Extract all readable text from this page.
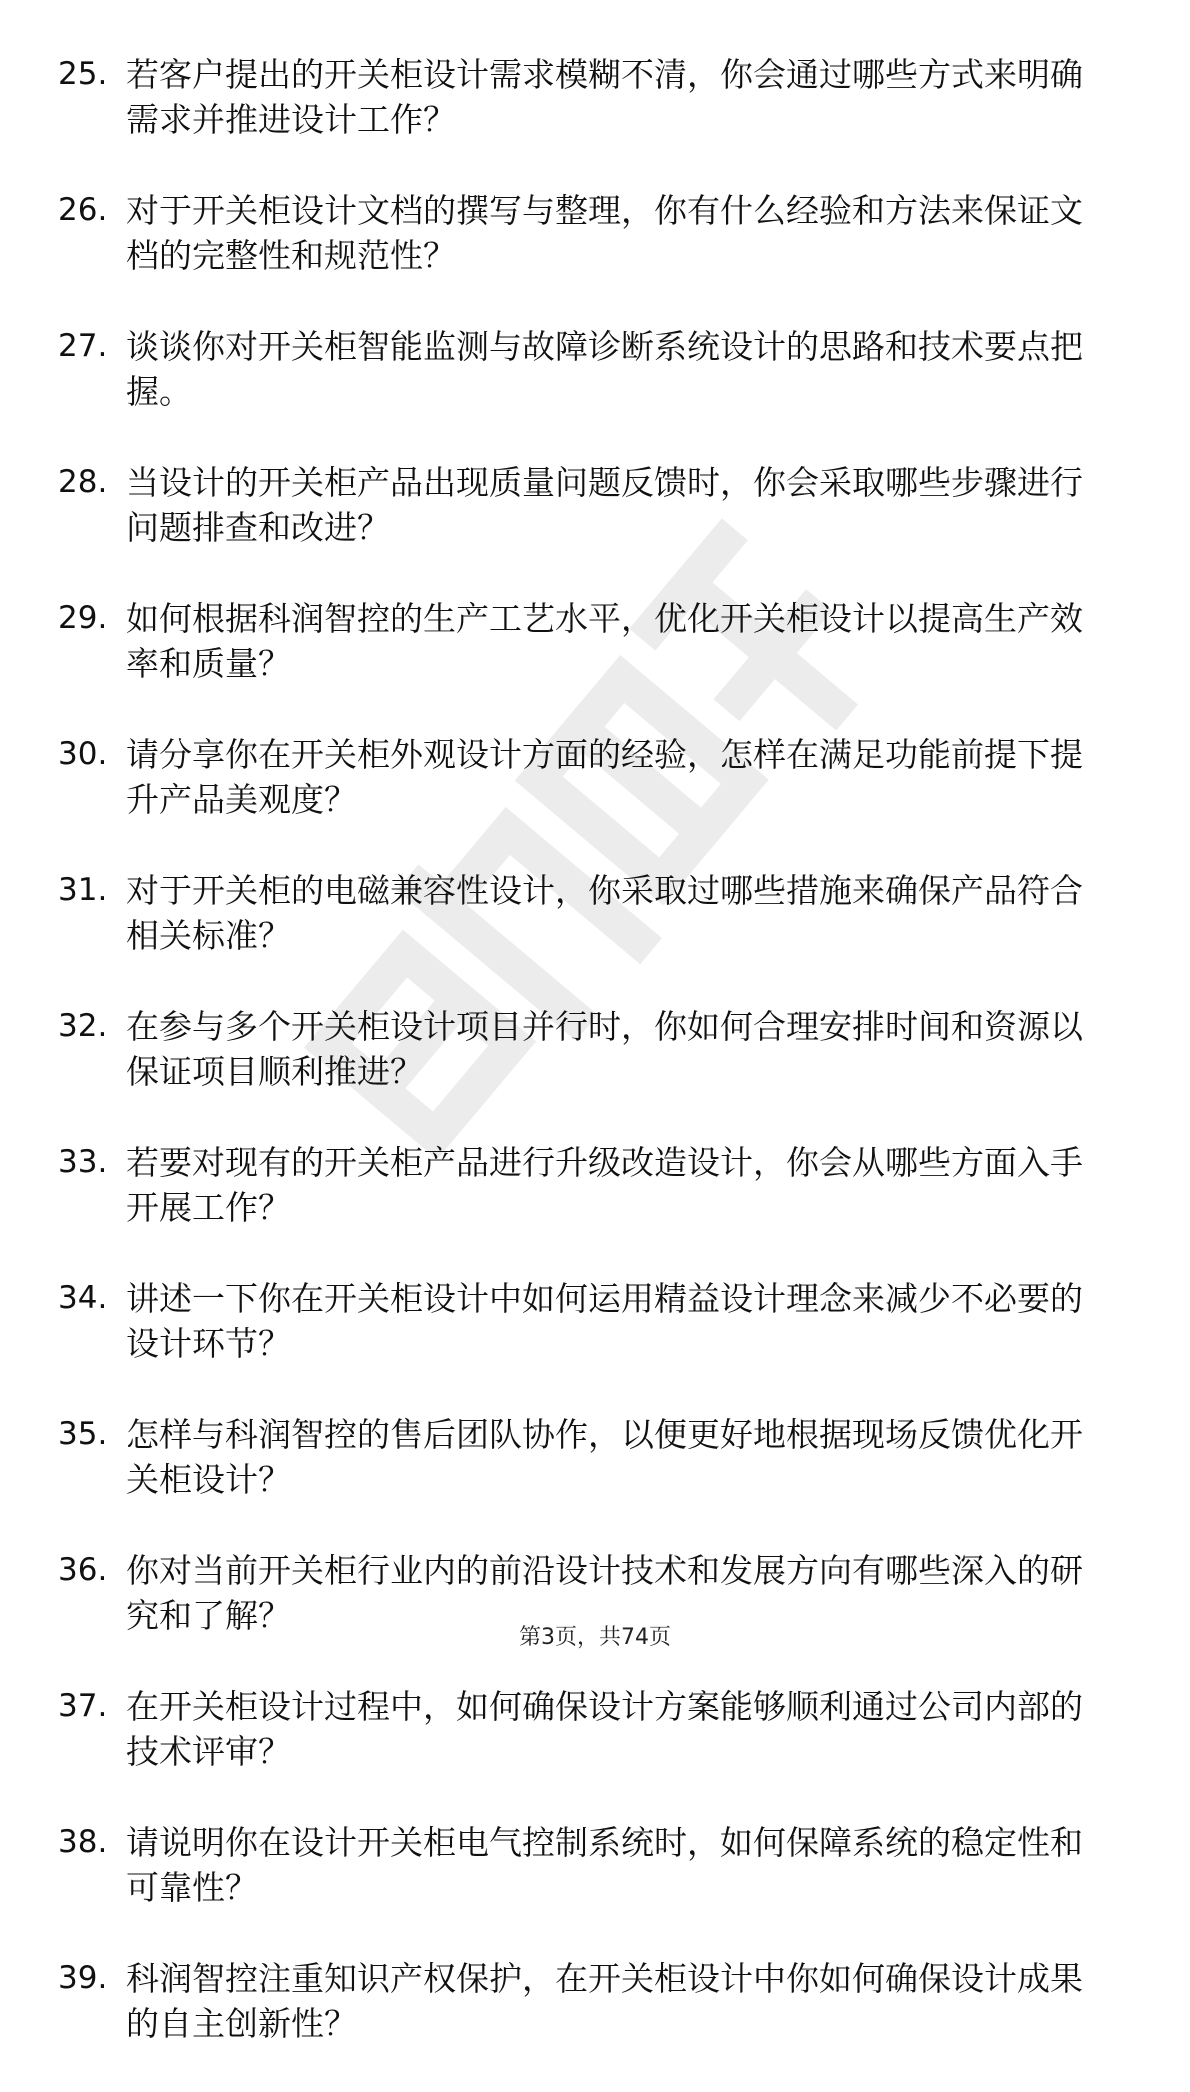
25. 若客户提出的开关柜设计需求模糊不清，你会通过哪些方式来明确需求并推进设计工作？
26. 对于开关柜设计文档的撰写与整理，你有什么经验和方法来保证文档的完整性和规范性？
27. 谈谈你对开关柜智能监测与故障诊断系统设计的思路和技术要点把握。
28. 当设计的开关柜产品出现质量问题反馈时，你会采取哪些步骤进行问题排查和改进？
29. 如何根据科润智控的生产工艺水平，优化开关柜设计以提高生产效率和质量？
30. 请分享你在开关柜外观设计方面的经验，怎样在满足功能前提下提升产品美观度？
31. 对于开关柜的电磁兼容性设计，你采取过哪些措施来确保产品符合相关标准？
32. 在参与多个开关柜设计项目并行时，你如何合理安排时间和资源以保证项目顺利推进？
33. 若要对现有的开关柜产品进行升级改造设计，你会从哪些方面入手开展工作？
34. 讲述一下你在开关柜设计中如何运用精益设计理念来减少不必要的设计环节？
35. 怎样与科润智控的售后团队协作，以便更好地根据现场反馈优化开关柜设计？
36. 你对当前开关柜行业内的前沿设计技术和发展方向有哪些深入的研究和了解？
37. 在开关柜设计过程中，如何确保设计方案能够顺利通过公司内部的技术评审？
38. 请说明你在设计开关柜电气控制系统时，如何保障系统的稳定性和可靠性？
39. 科润智控注重知识产权保护，在开关柜设计中你如何确保设计成果的自主创新性？
第3页，共74页
